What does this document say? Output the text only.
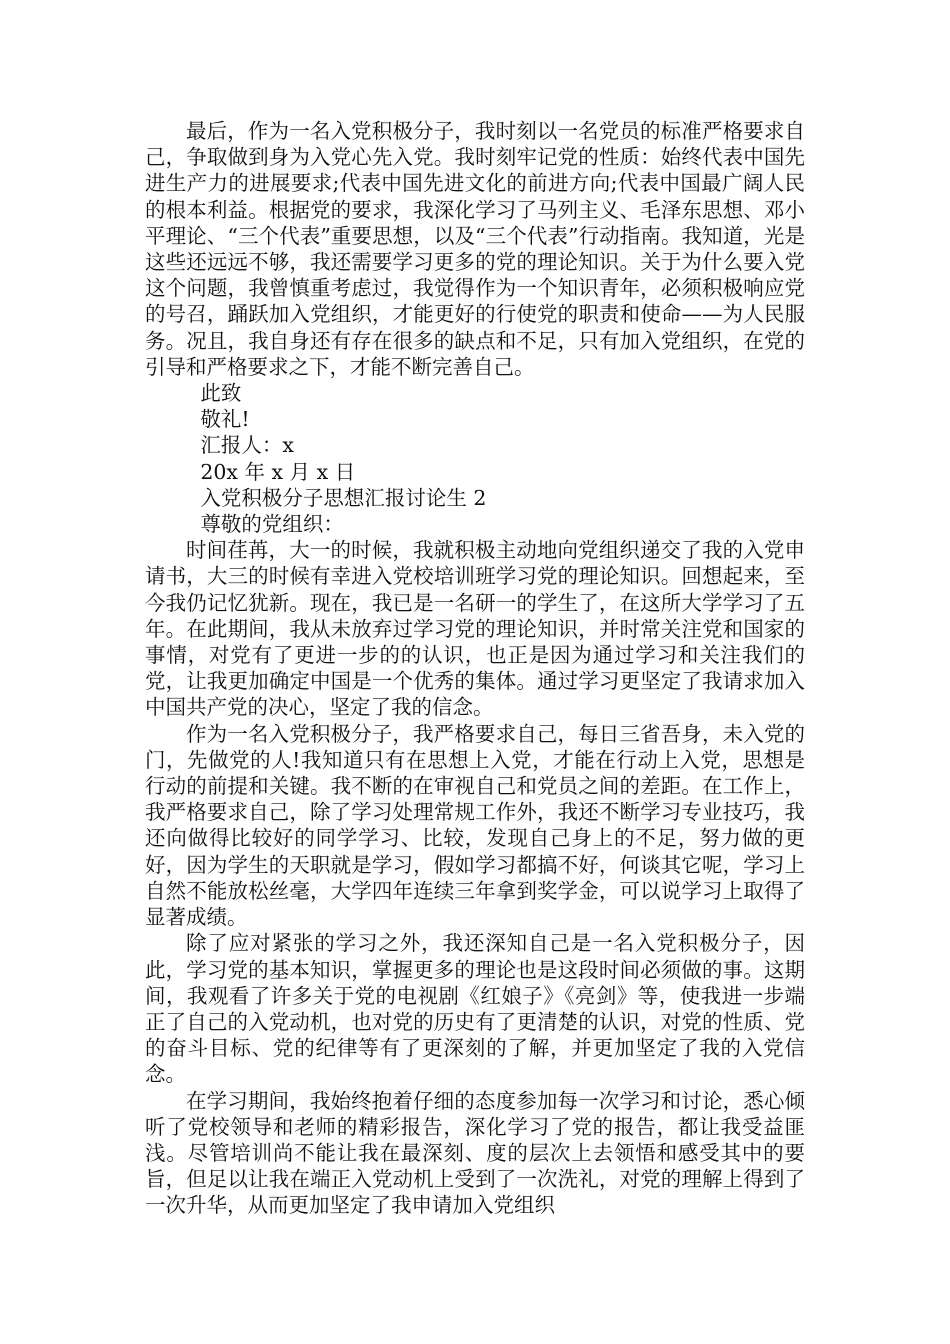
最后，作为一名入党积极分子，我时刻以一名党员的标准严格要求自己，争取做到身为入党心先入党。我时刻牢记党的性质：始终代表中国先进生产力的进展要求;代表中国先进文化的前进方向;代表中国最广阔人民的根本利益。根据党的要求，我深化学习了马列主义、毛泽东思想、邓小平理论、“三个代表”重要思想，以及“三个代表”行动指南。我知道，光是这些还远远不够，我还需要学习更多的党的理论知识。关于为什么要入党这个问题，我曾慎重考虑过，我觉得作为一个知识青年，必须积极响应党的号召，踊跃加入党组织，才能更好的行使党的职责和使命——为人民服务。况且，我自身还有存在很多的缺点和不足，只有加入党组织，在党的引导和严格要求之下，才能不断完善自己。

此致

敬礼!

汇报人：x

20x 年 x 月 x 日

入党积极分子思想汇报讨论生 2

尊敬的党组织：

时间荏苒，大一的时候，我就积极主动地向党组织递交了我的入党申请书，大三的时候有幸进入党校培训班学习党的理论知识。回想起来，至今我仍记忆犹新。现在，我已是一名研一的学生了，在这所大学学习了五年。在此期间，我从未放弃过学习党的理论知识，并时常关注党和国家的事情，对党有了更进一步的的认识，也正是因为通过学习和关注我们的党，让我更加确定中国是一个优秀的集体。通过学习更坚定了我请求加入中国共产党的决心，坚定了我的信念。

作为一名入党积极分子，我严格要求自己，每日三省吾身，未入党的门，先做党的人!我知道只有在思想上入党，才能在行动上入党，思想是行动的前提和关键。我不断的在审视自己和党员之间的差距。在工作上，我严格要求自己，除了学习处理常规工作外，我还不断学习专业技巧，我还向做得比较好的同学学习、比较，发现自己身上的不足，努力做的更好，因为学生的天职就是学习，假如学习都搞不好，何谈其它呢，学习上自然不能放松丝毫，大学四年连续三年拿到奖学金，可以说学习上取得了显著成绩。

除了应对紧张的学习之外，我还深知自己是一名入党积极分子，因此，学习党的基本知识，掌握更多的理论也是这段时间必须做的事。这期间，我观看了许多关于党的电视剧《红娘子》《亮剑》等，使我进一步端正了自己的入党动机，也对党的历史有了更清楚的认识，对党的性质、党的奋斗目标、党的纪律等有了更深刻的了解，并更加坚定了我的入党信念。

在学习期间，我始终抱着仔细的态度参加每一次学习和讨论，悉心倾听了党校领导和老师的精彩报告，深化学习了党的报告，都让我受益匪浅。尽管培训尚不能让我在最深刻、度的层次上去领悟和感受其中的要旨，但足以让我在端正入党动机上受到了一次洗礼，对党的理解上得到了一次升华，从而更加坚定了我申请加入党组织
